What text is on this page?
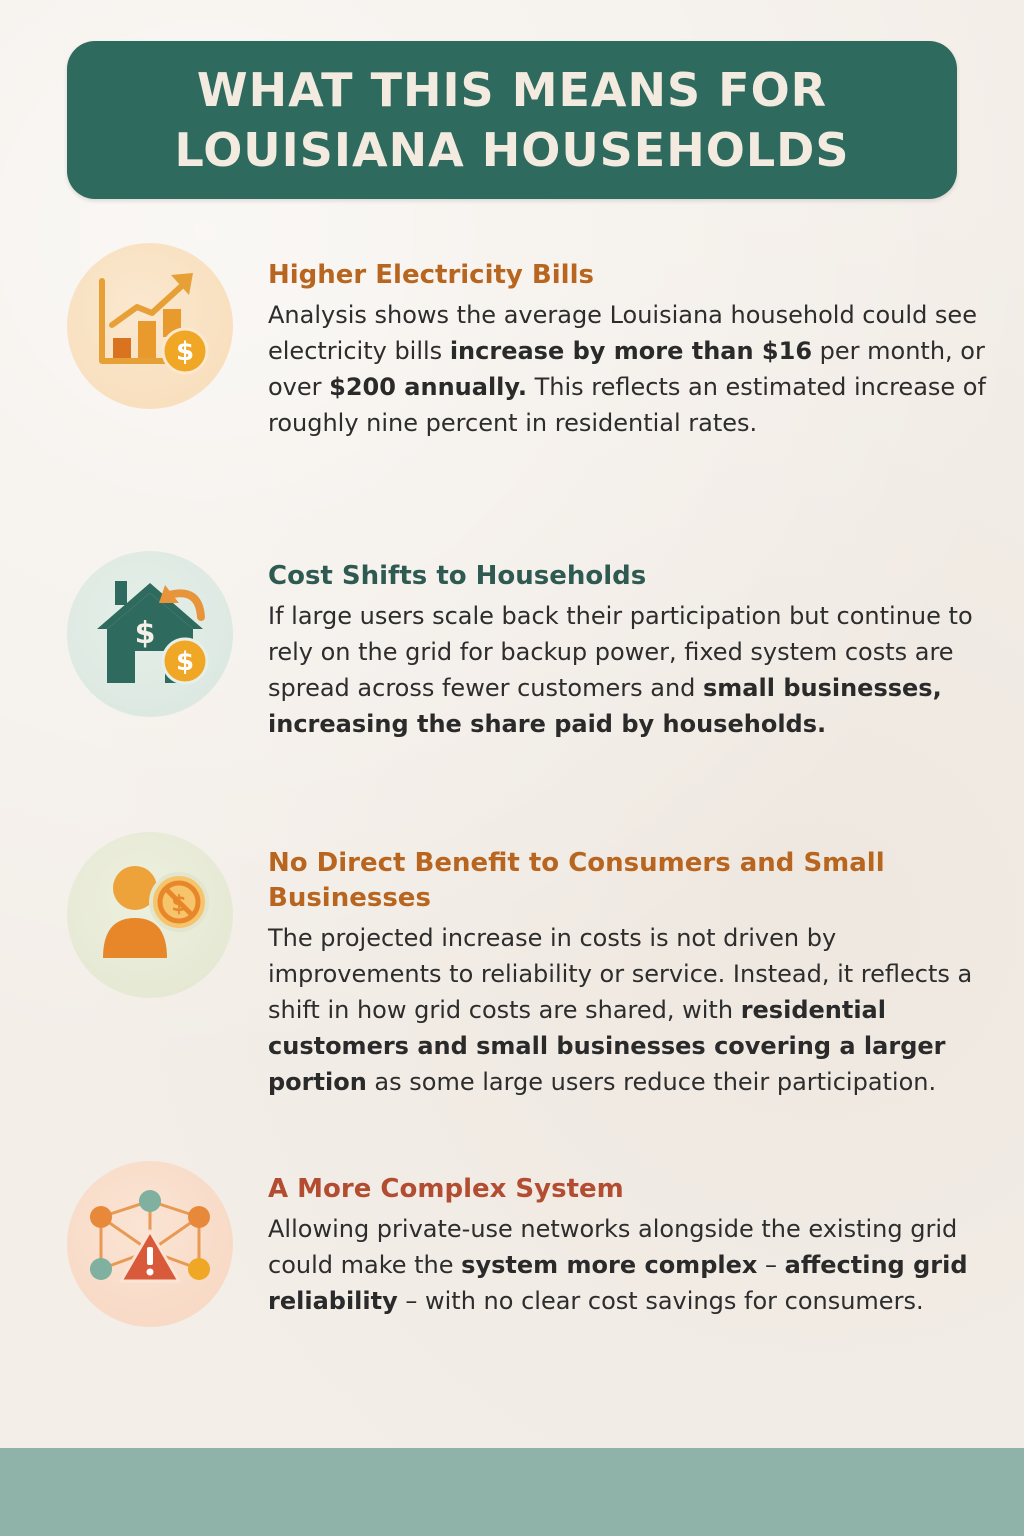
WHAT THIS MEANS FOR LOUISIANA HOUSEHOLDS
$

Higher Electricity Bills

Analysis shows the average Louisiana household could see electricity bills increase by more than $16 per month, or over $200 annually. This reflects an estimated increase of roughly nine percent in residential rates.

$
$

Cost Shifts to Households

If large users scale back their participation but continue to rely on the grid for backup power, fixed system costs are spread across fewer customers and small businesses, increasing the share paid by households.

$

No Direct Benefit to Consumers and Small Businesses

The projected increase in costs is not driven by improvements to reliability or service. Instead, it reflects a shift in how grid costs are shared, with residential customers and small businesses covering a larger portion as some large users reduce their participation.

A More Complex System

Allowing private-use networks alongside the existing grid could make the system more complex – affecting grid reliability – with no clear cost savings for consumers.
